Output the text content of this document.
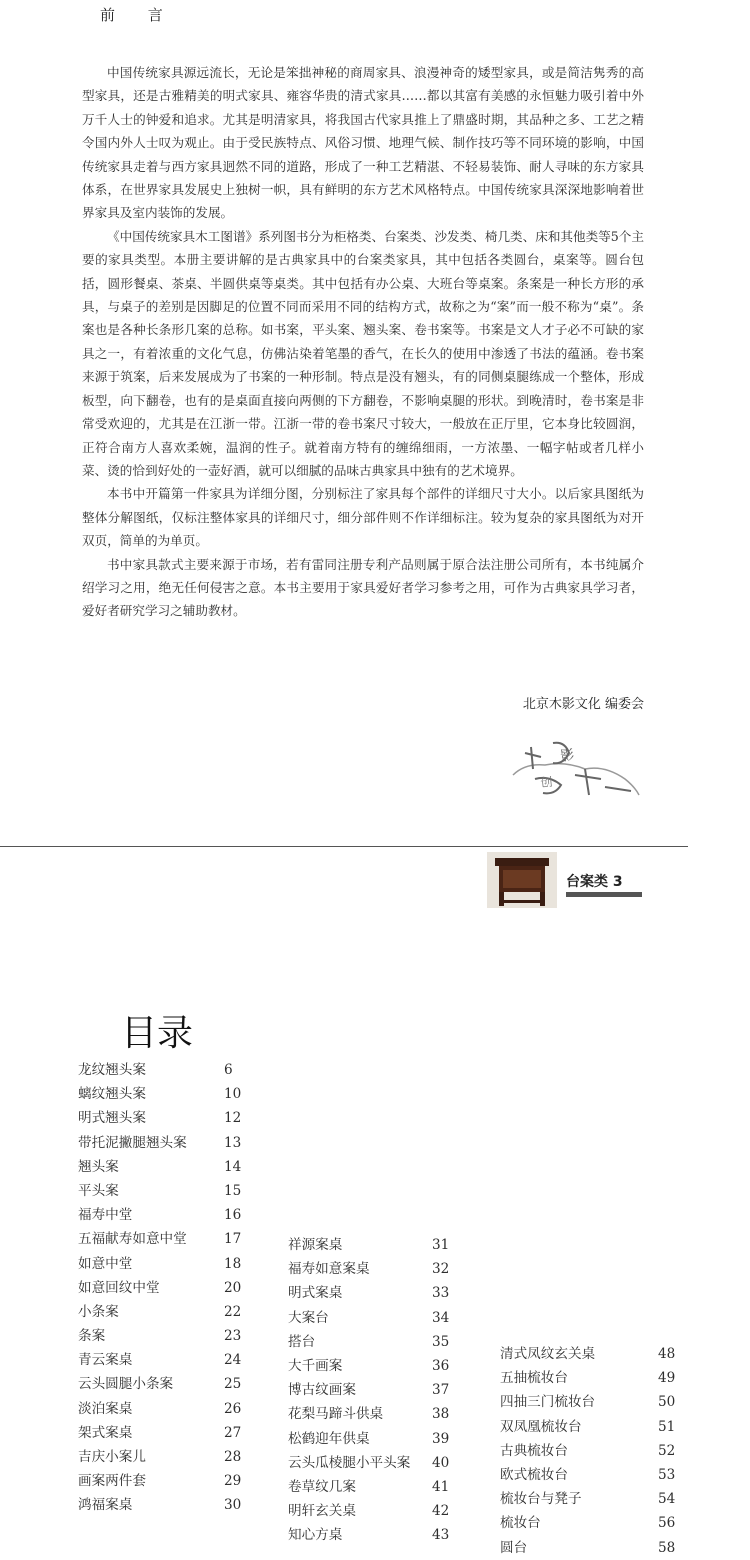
前 言

中国传统家具源远流长，无论是笨拙神秘的商周家具、浪漫神奇的矮型家具，或是简洁隽秀的高型家具，还是古雅精美的明式家具、雍容华贵的清式家具……都以其富有美感的永恒魅力吸引着中外万千人士的钟爱和追求。尤其是明清家具，将我国古代家具推上了鼎盛时期，其品种之多、工艺之精令国内外人士叹为观止。由于受民族特点、风俗习惯、地理气候、制作技巧等不同环境的影响，中国传统家具走着与西方家具迥然不同的道路，形成了一种工艺精湛、不轻易装饰、耐人寻味的东方家具体系，在世界家具发展史上独树一帜，具有鲜明的东方艺术风格特点。中国传统家具深深地影响着世界家具及室内装饰的发展。

《中国传统家具木工图谱》系列图书分为柜格类、台案类、沙发类、椅几类、床和其他类等5个主要的家具类型。本册主要讲解的是古典家具中的台案类家具，其中包括各类圆台，桌案等。圆台包括，圆形餐桌、茶桌、半圆供桌等桌类。其中包括有办公桌、大班台等桌案。条案是一种长方形的承具，与桌子的差别是因脚足的位置不同而采用不同的结构方式，故称之为“案”而一般不称为“桌”。条案也是各种长条形几案的总称。如书案，平头案、翘头案、卷书案等。书案是文人才子必不可缺的家具之一，有着浓重的文化气息，仿佛沾染着笔墨的香气，在长久的使用中渗透了书法的蕴涵。卷书案来源于筑案，后来发展成为了书案的一种形制。特点是没有翘头，有的同侧桌腿练成一个整体，形成板型，向下翻卷，也有的是桌面直接向两侧的下方翻卷，不影响桌腿的形状。到晚清时，卷书案是非常受欢迎的，尤其是在江浙一带。江浙一带的卷书案尺寸较大，一般放在正厅里，它本身比较圆润，正符合南方人喜欢柔婉，温润的性子。就着南方特有的缠绵细雨，一方浓墨、一幅字帖或者几样小菜、烫的恰到好处的一壶好酒，就可以细腻的品味古典家具中独有的艺术境界。

本书中开篇第一件家具为详细分图，分别标注了家具每个部件的详细尺寸大小。以后家具图纸为整体分解图纸，仅标注整体家具的详细尺寸，细分部件则不作详细标注。较为复杂的家具图纸为对开双页，简单的为单页。

书中家具款式主要来源于市场，若有雷同注册专利产品则属于原合法注册公司所有，本书纯属介绍学习之用，绝无任何侵害之意。本书主要用于家具爱好者学习参考之用，可作为古典家具学习者，爱好者研究学习之辅助教材。

北京木影文化 编委会
影
创
台案类 3
目录
龙纹翘头案	6
螭纹翘头案	10
明式翘头案	12
带托泥撇腿翘头案	13
翘头案	14
平头案	15
福寿中堂	16
五福献寿如意中堂	17
如意中堂	18
如意回纹中堂	20
小条案	22
条案	23
青云案桌	24
云头圆腿小条案	25
淡泊案桌	26
架式案桌	27
吉庆小案儿	28
画案两件套	29
鸿福案桌	30
祥源案桌	31
福寿如意案桌	32
明式案桌	33
大案台	34
搭台	35
大千画案	36
博古纹画案	37
花梨马蹄斗供桌	38
松鹤迎年供桌	39
云头瓜棱腿小平头案 40
卷草纹几案	41
明轩玄关桌	42
知心方桌	43
清式凤纹玄关桌	48
五抽梳妆台	49
四抽三门梳妆台	50
双凤凰梳妆台	51
古典梳妆台	52
欧式梳妆台	53
梳妆台与凳子	54
梳妆台	56
圆台	58
